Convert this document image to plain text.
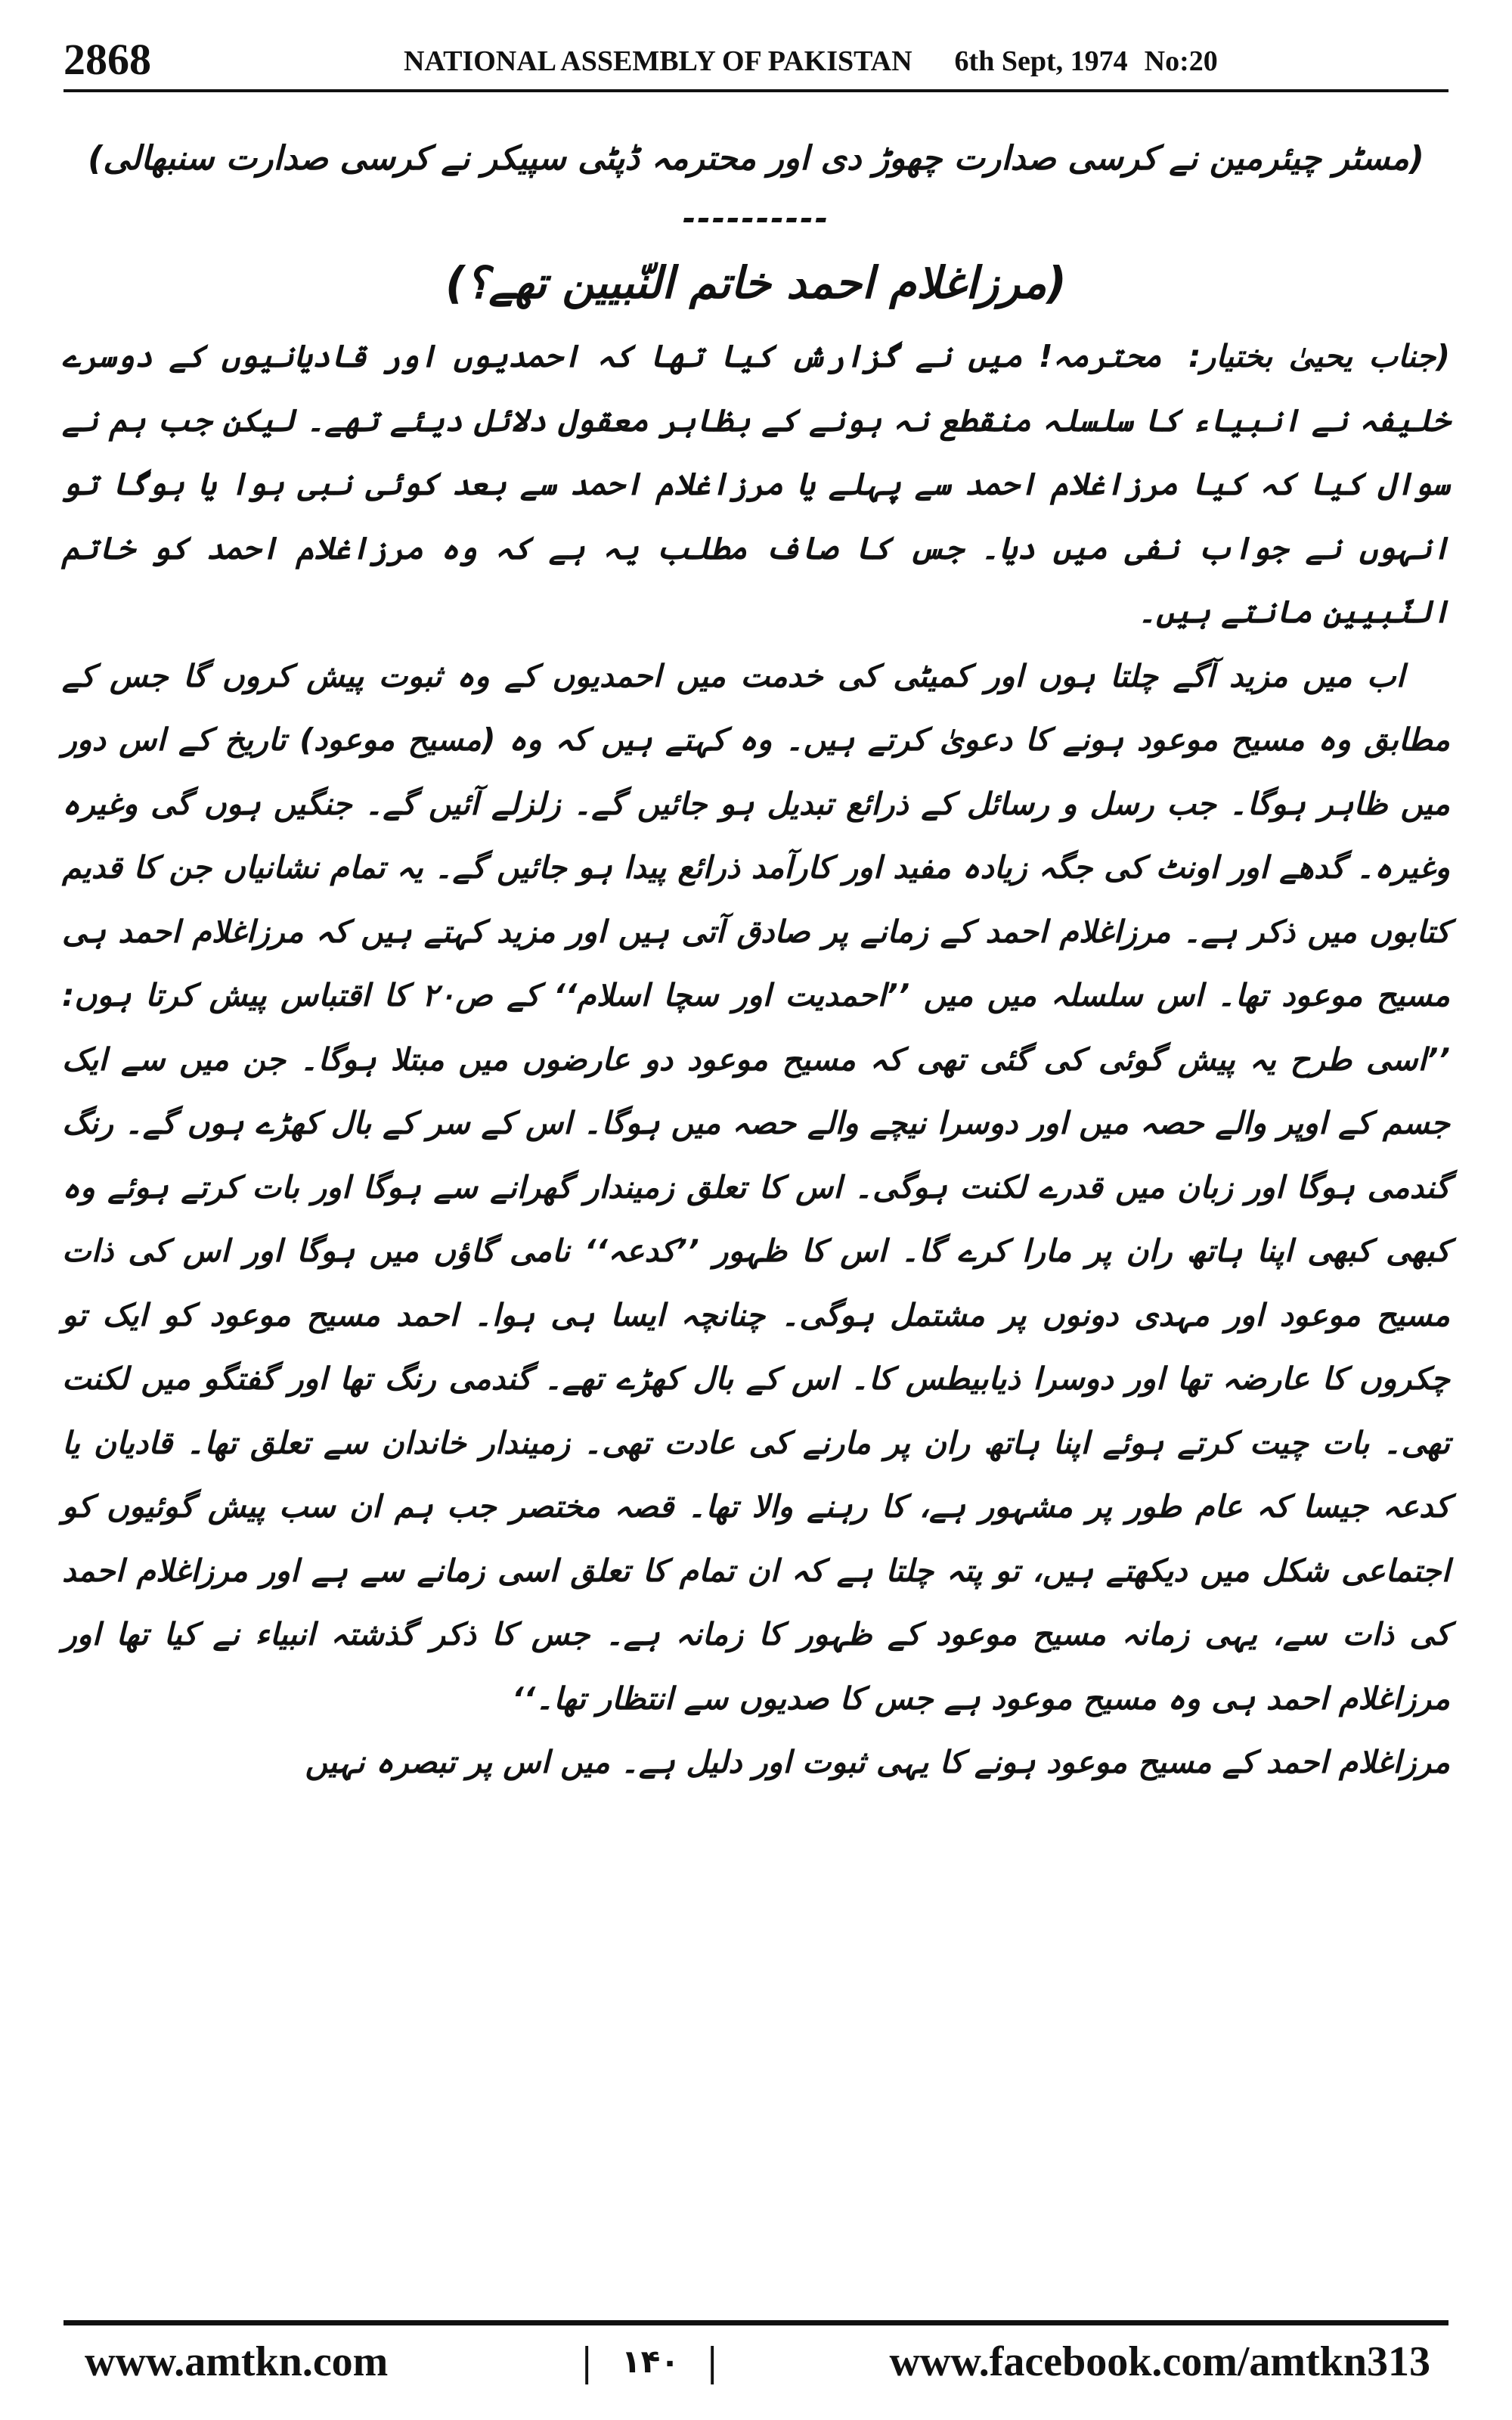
2868	NATIONAL ASSEMBLY OF PAKISTAN 6th Sept, 1974 No:20

(مسٹر چیئرمین نے کرسی صدارت چھوڑ دی اور محترمہ ڈپٹی سپیکر نے کرسی صدارت سنبھالی)

----------

(مرزاغلام احمد خاتم النّبیین تھے؟)

(جناب یحییٰ بختیار: محترمہ! میں نے گزارش کیا تھا کہ احمدیوں اور قادیانیوں کے دوسرے خلیفہ نے انبیاء کا سلسلہ منقطع نہ ہونے کے بظاہر معقول دلائل دیئے تھے۔ لیکن جب ہم نے سوال کیا کہ کیا مرزاغلام احمد سے پہلے یا مرزاغلام احمد سے بعد کوئی نبی ہوا یا ہوگا تو انہوں نے جواب نفی میں دیا۔ جس کا صاف مطلب یہ ہے کہ وہ مرزاغلام احمد کو خاتم النّبیین مانتے ہیں۔

اب میں مزید آگے چلتا ہوں اور کمیٹی کی خدمت میں احمدیوں کے وہ ثبوت پیش کروں گا جس کے مطابق وہ مسیح موعود ہونے کا دعویٰ کرتے ہیں۔ وہ کہتے ہیں کہ وہ (مسیح موعود) تاریخ کے اس دور میں ظاہر ہوگا۔ جب رسل و رسائل کے ذرائع تبدیل ہو جائیں گے۔ زلزلے آئیں گے۔ جنگیں ہوں گی وغیرہ وغیرہ۔ گدھے اور اونٹ کی جگہ زیادہ مفید اور کارآمد ذرائع پیدا ہو جائیں گے۔ یہ تمام نشانیاں جن کا قدیم کتابوں میں ذکر ہے۔ مرزاغلام احمد کے زمانے پر صادق آتی ہیں اور مزید کہتے ہیں کہ مرزاغلام احمد ہی مسیح موعود تھا۔ اس سلسلہ میں میں ’’احمدیت اور سچا اسلام‘‘ کے ص۲۰ کا اقتباس پیش کرتا ہوں: ’’اسی طرح یہ پیش گوئی کی گئی تھی کہ مسیح موعود دو عارضوں میں مبتلا ہوگا۔ جن میں سے ایک جسم کے اوپر والے حصہ میں اور دوسرا نیچے والے حصہ میں ہوگا۔ اس کے سر کے بال کھڑے ہوں گے۔ رنگ گندمی ہوگا اور زبان میں قدرے لکنت ہوگی۔ اس کا تعلق زمیندار گھرانے سے ہوگا اور بات کرتے ہوئے وہ کبھی کبھی اپنا ہاتھ ران پر مارا کرے گا۔ اس کا ظہور ’’کدعہ‘‘ نامی گاؤں میں ہوگا اور اس کی ذات مسیح موعود اور مہدی دونوں پر مشتمل ہوگی۔ چنانچہ ایسا ہی ہوا۔ احمد مسیح موعود کو ایک تو چکروں کا عارضہ تھا اور دوسرا ذیابیطس کا۔ اس کے بال کھڑے تھے۔ گندمی رنگ تھا اور گفتگو میں لکنت تھی۔ بات چیت کرتے ہوئے اپنا ہاتھ ران پر مارنے کی عادت تھی۔ زمیندار خاندان سے تعلق تھا۔ قادیان یا کدعہ جیسا کہ عام طور پر مشہور ہے، کا رہنے والا تھا۔ قصہ مختصر جب ہم ان سب پیش گوئیوں کو اجتماعی شکل میں دیکھتے ہیں، تو پتہ چلتا ہے کہ ان تمام کا تعلق اسی زمانے سے ہے اور مرزاغلام احمد کی ذات سے، یہی زمانہ مسیح موعود کے ظہور کا زمانہ ہے۔ جس کا ذکر گذشتہ انبیاء نے کیا تھا اور مرزاغلام احمد ہی وہ مسیح موعود ہے جس کا صدیوں سے انتظار تھا۔‘‘

مرزاغلام احمد کے مسیح موعود ہونے کا یہی ثبوت اور دلیل ہے۔ میں اس پر تبصرہ نہیں

www.amtkn.com	| ۱۴۰ |	www.facebook.com/amtkn313
